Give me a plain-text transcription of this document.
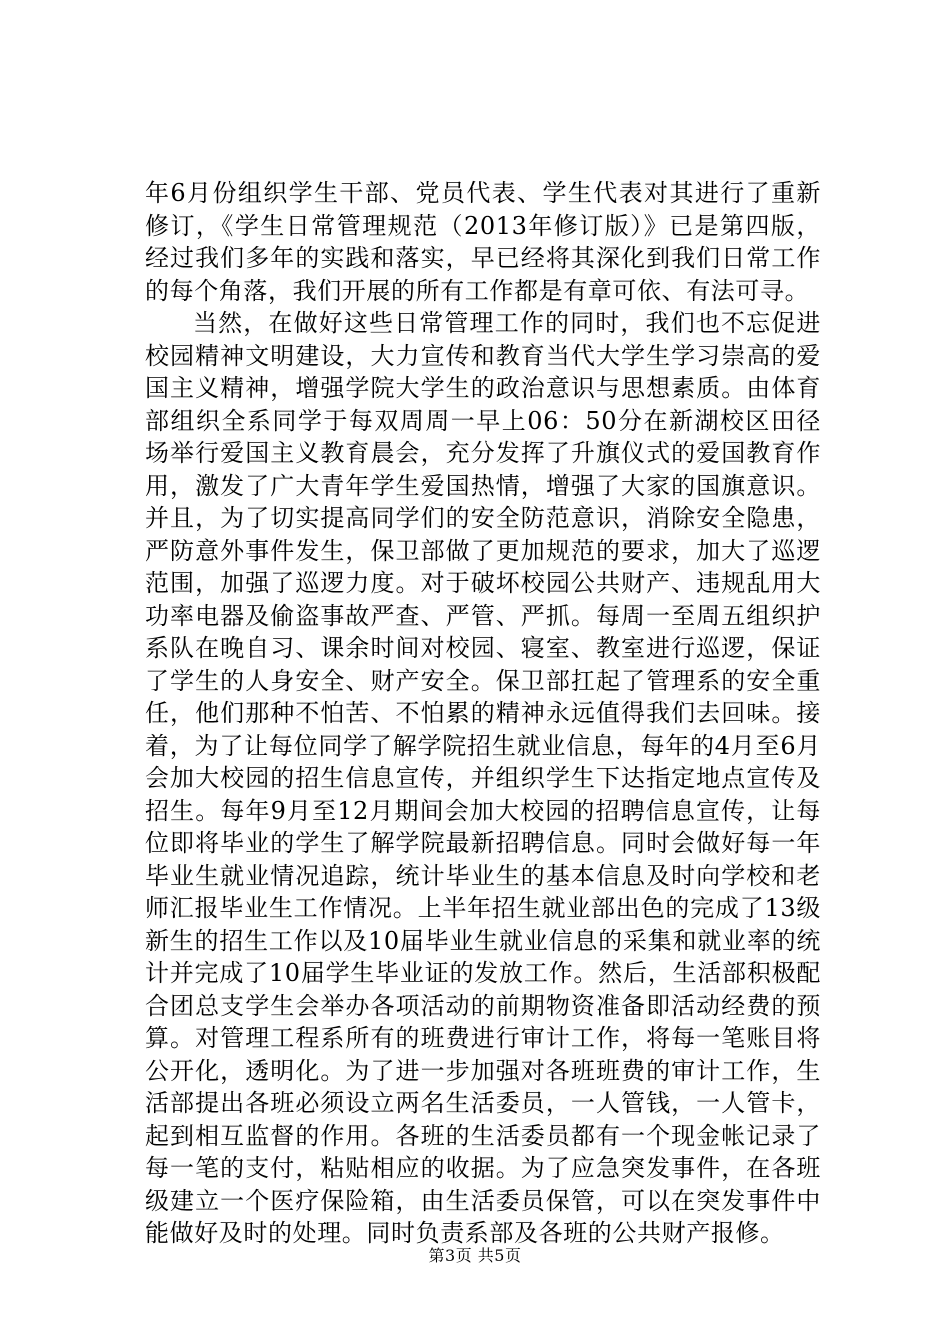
年6月份组织学生干部、党员代表、学生代表对其进行了重新修订，《学生日常管理规范（2013年修订版）》已是第四版，经过我们多年的实践和落实，早已经将其深化到我们日常工作的每个角落，我们开展的所有工作都是有章可依、有法可寻。

当然，在做好这些日常管理工作的同时，我们也不忘促进校园精神文明建设，大力宣传和教育当代大学生学习崇高的爱国主义精神，增强学院大学生的政治意识与思想素质。由体育部组织全系同学于每双周周一早上06：50分在新湖校区田径场举行爱国主义教育晨会，充分发挥了升旗仪式的爱国教育作用，激发了广大青年学生爱国热情，增强了大家的国旗意识。并且，为了切实提高同学们的安全防范意识，消除安全隐患，严防意外事件发生，保卫部做了更加规范的要求，加大了巡逻范围，加强了巡逻力度。对于破坏校园公共财产、违规乱用大功率电器及偷盗事故严查、严管、严抓。每周一至周五组织护系队在晚自习、课余时间对校园、寝室、教室进行巡逻，保证了学生的人身安全、财产安全。保卫部扛起了管理系的安全重任，他们那种不怕苦、不怕累的精神永远值得我们去回味。接着，为了让每位同学了解学院招生就业信息，每年的4月至6月会加大校园的招生信息宣传，并组织学生下达指定地点宣传及招生。每年9月至12月期间会加大校园的招聘信息宣传，让每位即将毕业的学生了解学院最新招聘信息。同时会做好每一年毕业生就业情况追踪，统计毕业生的基本信息及时向学校和老师汇报毕业生工作情况。上半年招生就业部出色的完成了13级新生的招生工作以及10届毕业生就业信息的采集和就业率的统计并完成了10届学生毕业证的发放工作。然后，生活部积极配合团总支学生会举办各项活动的前期物资准备即活动经费的预算。对管理工程系所有的班费进行审计工作，将每一笔账目将公开化，透明化。为了进一步加强对各班班费的审计工作，生活部提出各班必须设立两名生活委员，一人管钱，一人管卡，起到相互监督的作用。各班的生活委员都有一个现金帐记录了每一笔的支付，粘贴相应的收据。为了应急突发事件，在各班级建立一个医疗保险箱，由生活委员保管，可以在突发事件中能做好及时的处理。同时负责系部及各班的公共财产报修。

第3页 共5页
